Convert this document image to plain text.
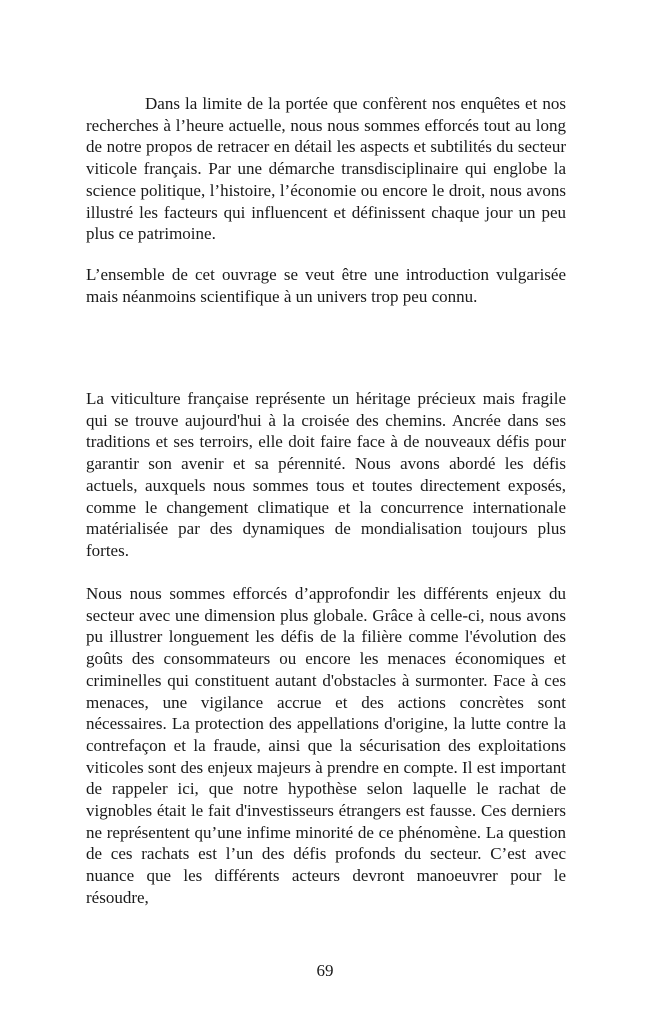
Dans la limite de la portée que confèrent nos enquêtes et nos recherches à l’heure actuelle, nous nous sommes efforcés tout au long de notre propos de retracer en détail les aspects et subtilités du secteur viticole français. Par une démarche transdisciplinaire qui englobe la science politique, l’histoire, l’économie ou encore le droit, nous avons illustré les facteurs qui influencent et définissent chaque jour un peu plus ce patrimoine.

L’ensemble de cet ouvrage se veut être une introduction vulgarisée mais néanmoins scientifique à un univers trop peu connu.

La viticulture française représente un héritage précieux mais fragile qui se trouve aujourd'hui à la croisée des chemins. Ancrée dans ses traditions et ses terroirs, elle doit faire face à de nouveaux défis pour garantir son avenir et sa pérennité. Nous avons abordé les défis actuels, auxquels nous sommes tous et toutes directement exposés, comme le changement climatique et la concurrence internationale matérialisée par des dynamiques de mondialisation toujours plus fortes.

Nous nous sommes efforcés d’approfondir les différents enjeux du secteur avec une dimension plus globale. Grâce à celle-ci, nous avons pu illustrer longuement les défis de la filière comme l'évolution des goûts des consommateurs ou encore les menaces économiques et criminelles qui constituent autant d'obstacles à surmonter. Face à ces menaces, une vigilance accrue et des actions concrètes sont nécessaires. La protection des appellations d'origine, la lutte contre la contrefaçon et la fraude, ainsi que la sécurisation des exploitations viticoles sont des enjeux majeurs à prendre en compte. Il est important de rappeler ici, que notre hypothèse selon laquelle le rachat de vignobles était le fait d'investisseurs étrangers est fausse. Ces derniers ne représentent qu’une infime minorité de ce phénomène. La question de ces rachats est l’un des défis profonds du secteur. C’est avec nuance que les différents acteurs devront manoeuvrer pour le résoudre,

69
